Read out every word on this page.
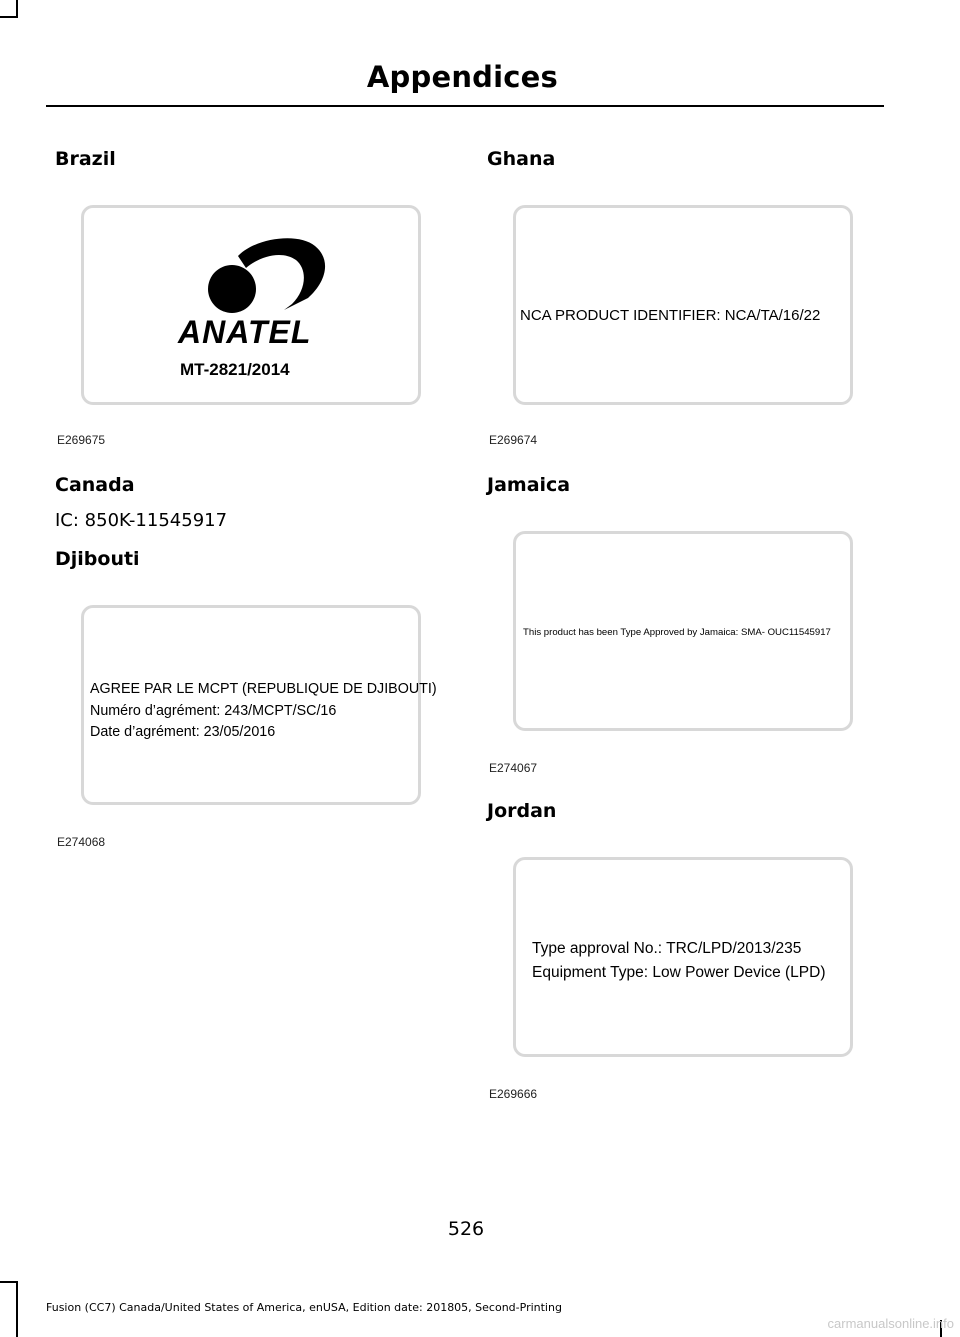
Appendices
Brazil
ANATEL
MT-2821/2014
E269675
Canada
IC: 850K-11545917
Djibouti
AGREE PAR LE MCPT (REPUBLIQUE DE DJIBOUTI)
Numéro d’agrément: 243/MCPT/SC/16
Date d’agrément: 23/05/2016
E274068
Ghana
NCA PRODUCT IDENTIFIER: NCA/TA/16/22
E269674
Jamaica
This product has been Type Approved by Jamaica: SMA- OUC11545917
E274067
Jordan
Type approval No.: TRC/LPD/2013/235
Equipment Type: Low Power Device (LPD)
E269666
526
Fusion (CC7) Canada/United States of America, enUSA, Edition date: 201805, Second-Printing
carmanualsonline.info
